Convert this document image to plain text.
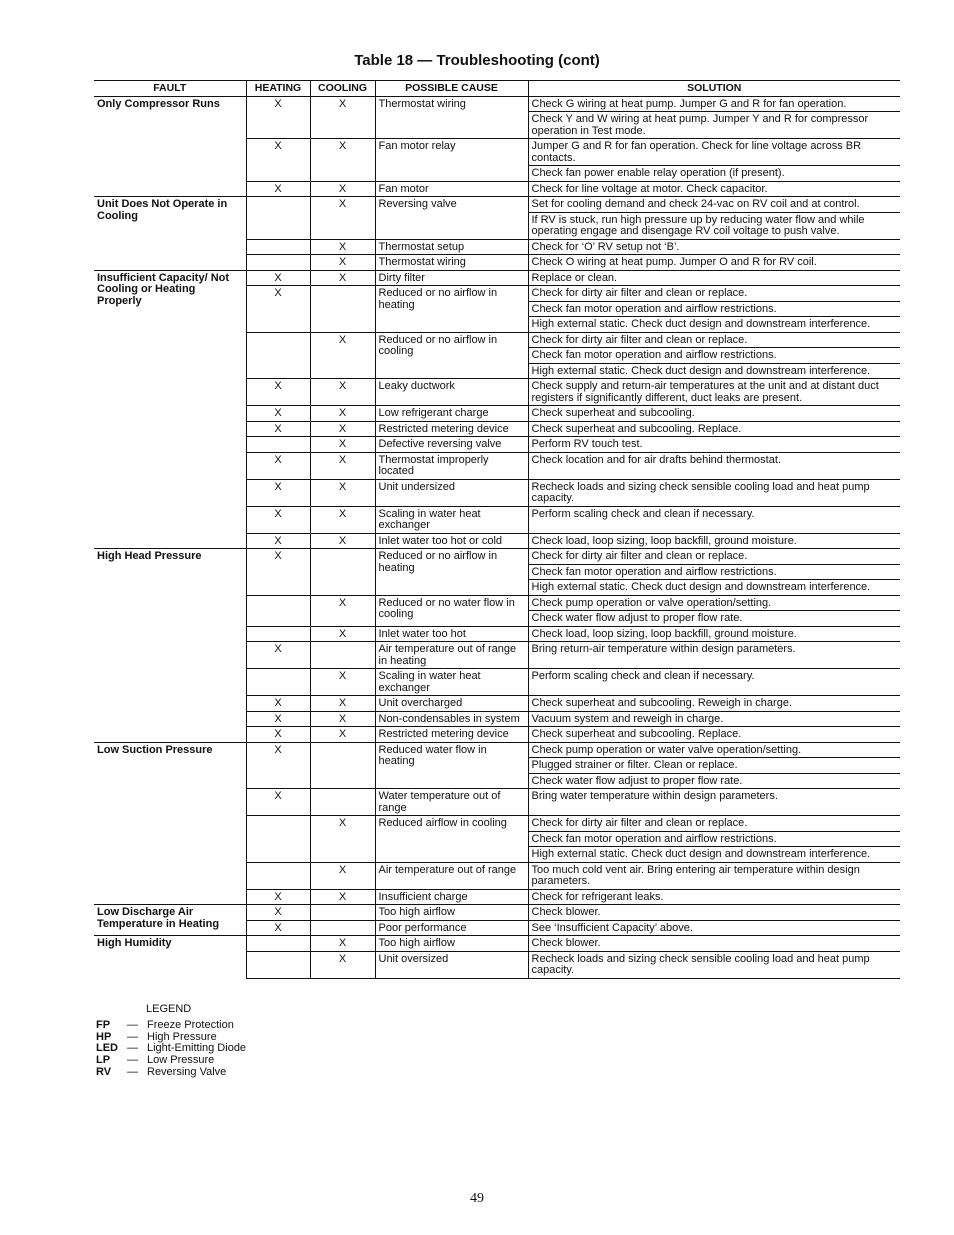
Table 18 — Troubleshooting (cont)
FAULT	HEATING	COOLING	POSSIBLE CAUSE	SOLUTION
Only Compressor Runs	X	X	Thermostat wiring	Check G wiring at heat pump. Jumper G and R for fan operation.
				Check Y and W wiring at heat pump. Jumper Y and R for compressor operation in Test mode.
	X	X	Fan motor relay	Jumper G and R for fan operation. Check for line voltage across BR contacts.
				Check fan power enable relay operation (if present).
	X	X	Fan motor	Check for line voltage at motor. Check capacitor.
Unit Does Not Operate in Cooling		X	Reversing valve	Set for cooling demand and check 24-vac on RV coil and at control.
				If RV is stuck, run high pressure up by reducing water flow and while operating engage and disengage RV coil voltage to push valve.
		X	Thermostat setup	Check for ‘O’ RV setup not ‘B’.
		X	Thermostat wiring	Check O wiring at heat pump. Jumper O and R for RV coil.
Insufficient Capacity/ Not Cooling or Heating Properly	X	X	Dirty filter	Replace or clean.
	X		Reduced or no airflow in heating	Check for dirty air filter and clean or replace.
				Check fan motor operation and airflow restrictions.
				High external static. Check duct design and downstream interference.
		X	Reduced or no airflow in cooling	Check for dirty air filter and clean or replace.
				Check fan motor operation and airflow restrictions.
				High external static. Check duct design and downstream interference.
	X	X	Leaky ductwork	Check supply and return-air temperatures at the unit and at distant duct registers if significantly different, duct leaks are present.
	X	X	Low refrigerant charge	Check superheat and subcooling.
	X	X	Restricted metering device	Check superheat and subcooling. Replace.
		X	Defective reversing valve	Perform RV touch test.
	X	X	Thermostat improperly located	Check location and for air drafts behind thermostat.
	X	X	Unit undersized	Recheck loads and sizing check sensible cooling load and heat pump capacity.
	X	X	Scaling in water heat exchanger	Perform scaling check and clean if necessary.
	X	X	Inlet water too hot or cold	Check load, loop sizing, loop backfill, ground moisture.
High Head Pressure	X		Reduced or no airflow in heating	Check for dirty air filter and clean or replace.
				Check fan motor operation and airflow restrictions.
				High external static. Check duct design and downstream interference.
		X	Reduced or no water flow in cooling	Check pump operation or valve operation/setting.
				Check water flow adjust to proper flow rate.
		X	Inlet water too hot	Check load, loop sizing, loop backfill, ground moisture.
	X		Air temperature out of range in heating	Bring return-air temperature within design parameters.
		X	Scaling in water heat exchanger	Perform scaling check and clean if necessary.
	X	X	Unit overcharged	Check superheat and subcooling. Reweigh in charge.
	X	X	Non-condensables in system	Vacuum system and reweigh in charge.
	X	X	Restricted metering device	Check superheat and subcooling. Replace.
Low Suction Pressure	X		Reduced water flow in heating	Check pump operation or water valve operation/setting.
				Plugged strainer or filter. Clean or replace.
				Check water flow adjust to proper flow rate.
	X		Water temperature out of range	Bring water temperature within design parameters.
		X	Reduced airflow in cooling	Check for dirty air filter and clean or replace.
				Check fan motor operation and airflow restrictions.
				High external static. Check duct design and downstream interference.
		X	Air temperature out of range	Too much cold vent air. Bring entering air temperature within design parameters.
	X	X	Insufficient charge	Check for refrigerant leaks.
Low Discharge Air Temperature in Heating	X		Too high airflow	Check blower.
	X		Poor performance	See ‘Insufficient Capacity’ above.
High Humidity		X	Too high airflow	Check blower.
		X	Unit oversized	Recheck loads and sizing check sensible cooling load and heat pump capacity.
LEGEND
FP	— Freeze Protection
HP	— High Pressure
LED — Light-Emitting Diode
LP	— Low Pressure
RV	— Reversing Valve
49
